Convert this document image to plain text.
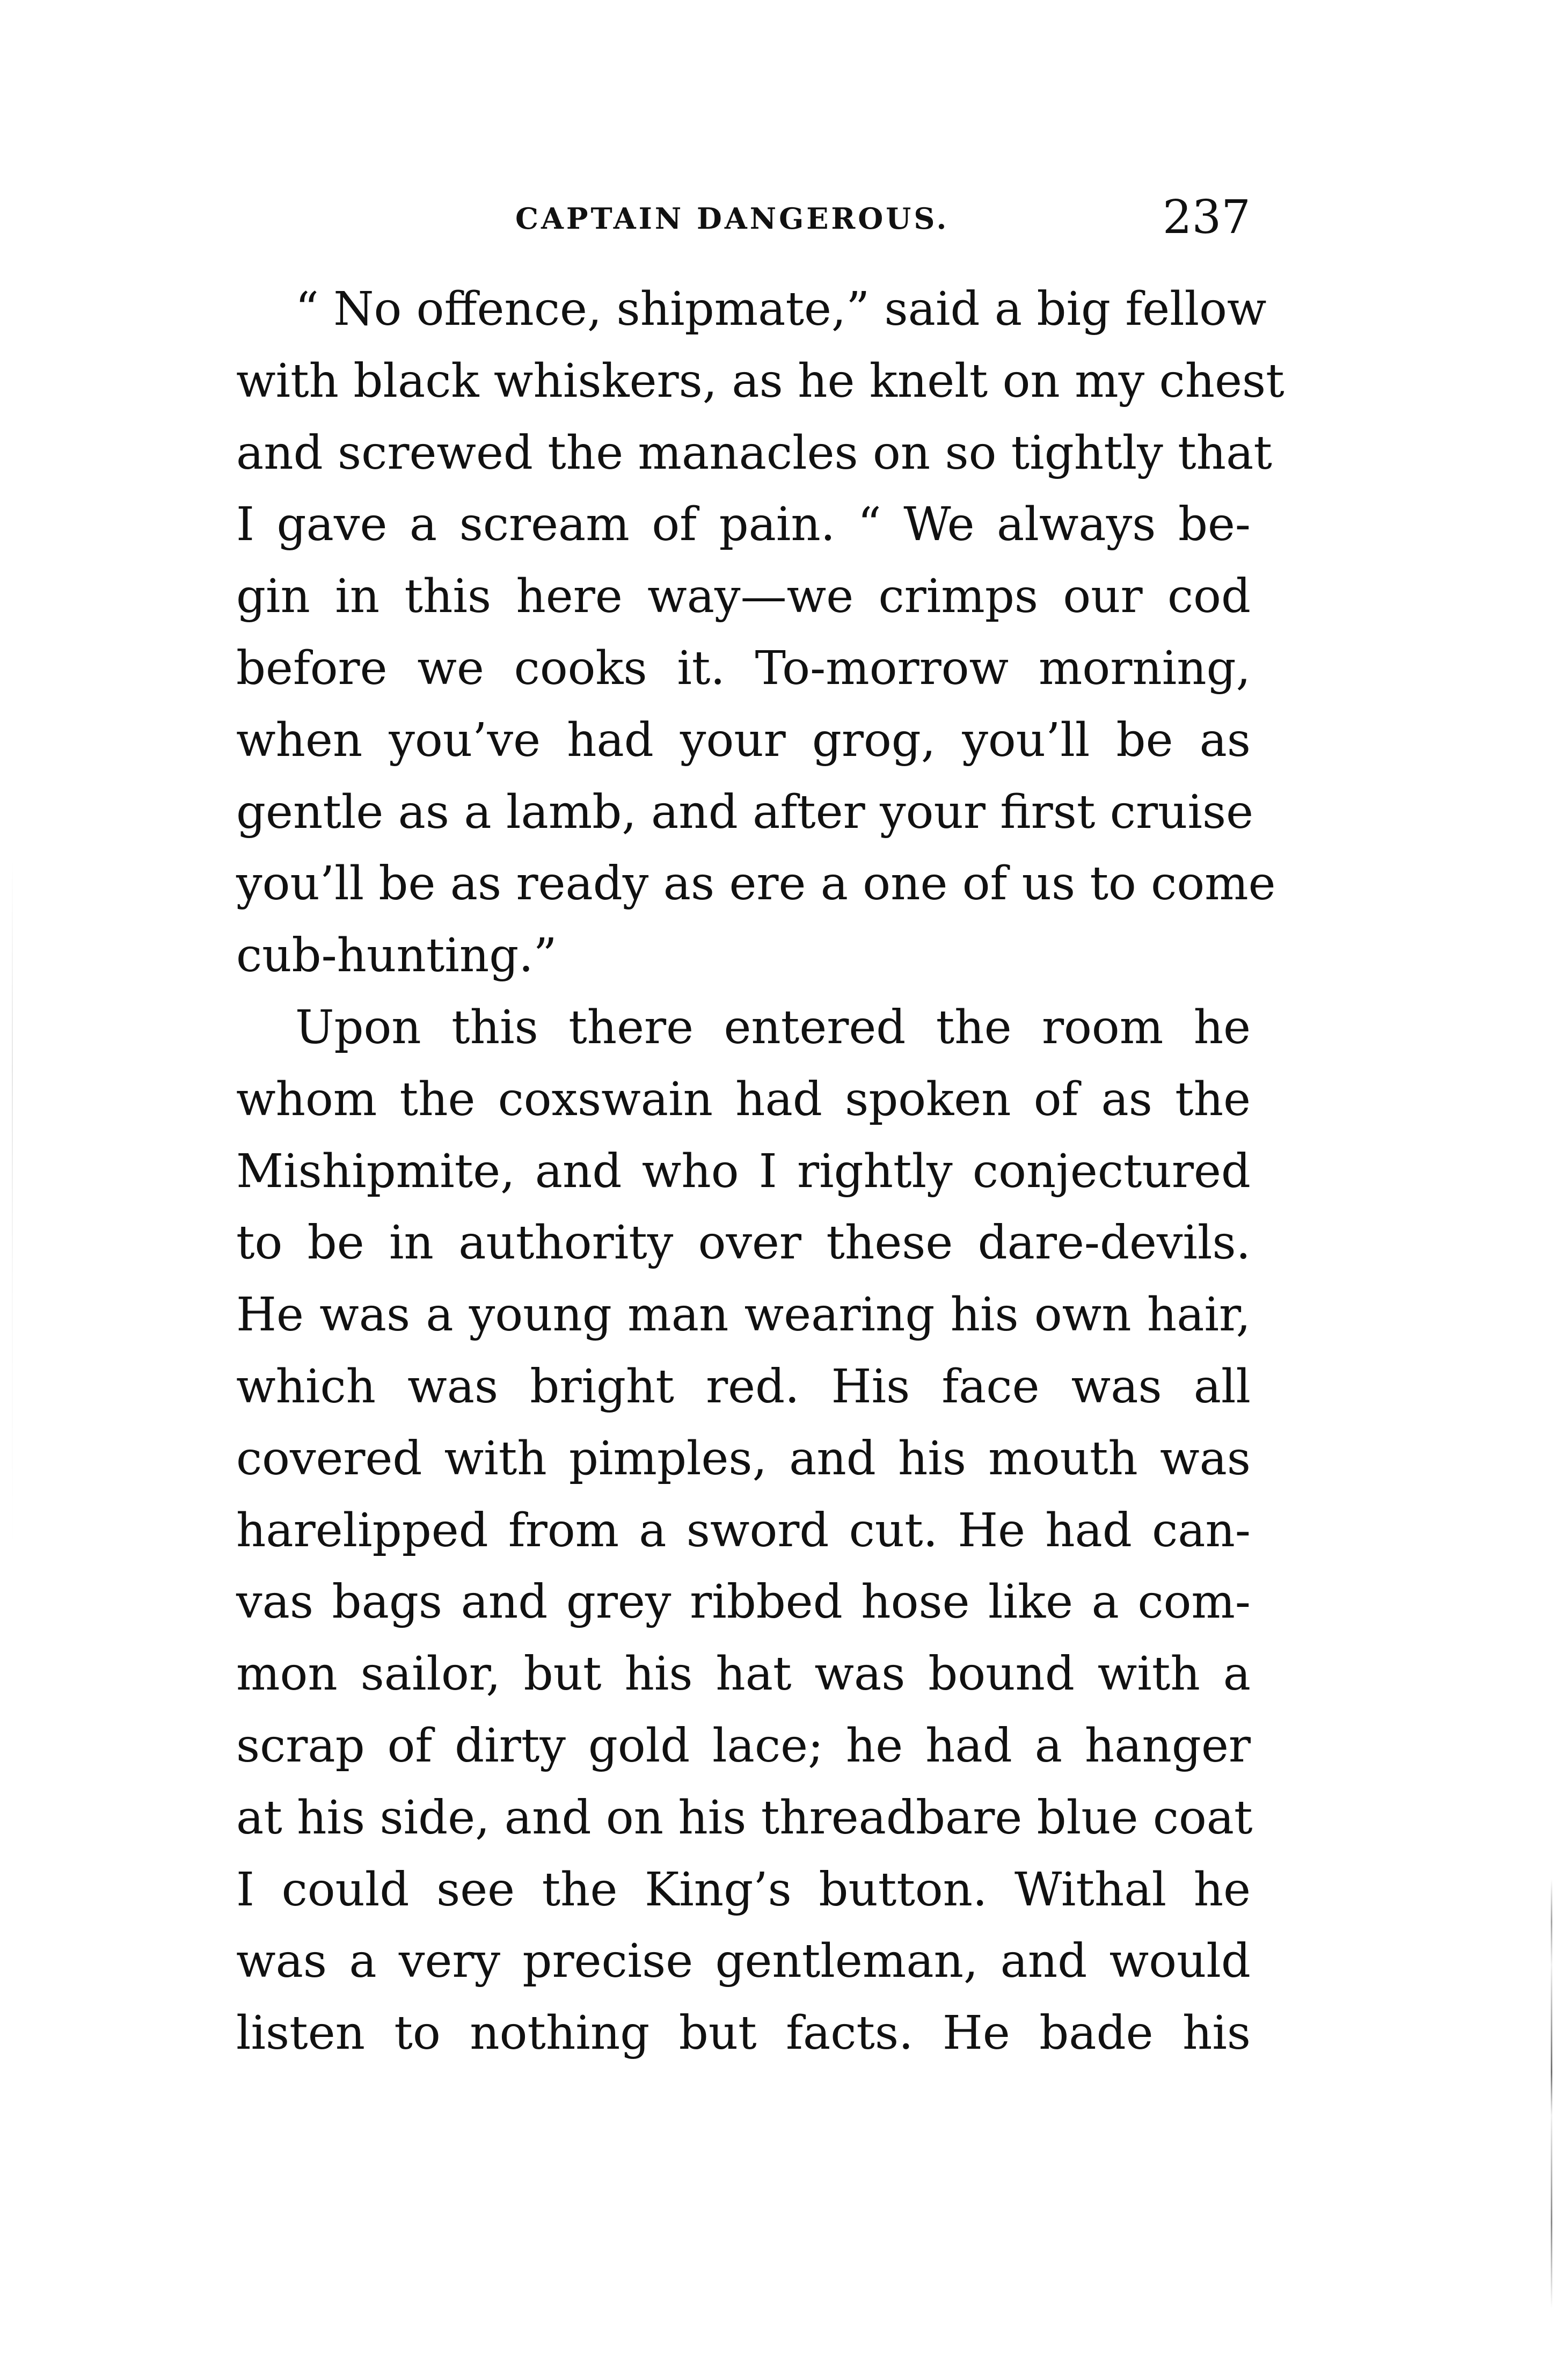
CAPTAIN DANGEROUS.	237
“ No offence, shipmate,” said a big fellow
with black whiskers, as he knelt on my chest
and screwed the manacles on so tightly that
I gave a scream of pain. “ We always be-
gin in this here way—we crimps our cod
before we cooks it. To-morrow morning,
when you’ve had your grog, you’ll be as
gentle as a lamb, and after your first cruise
you’ll be as ready as ere a one of us to come
cub-hunting.”
Upon this there entered the room he
whom the coxswain had spoken of as the
Mishipmite, and who I rightly conjectured
to be in authority over these dare-devils.
He was a young man wearing his own hair,
which was bright red. His face was all
covered with pimples, and his mouth was
harelipped from a sword cut. He had can-
vas bags and grey ribbed hose like a com-
mon sailor, but his hat was bound with a
scrap of dirty gold lace; he had a hanger
at his side, and on his threadbare blue coat
I could see the King’s button. Withal he
was a very precise gentleman, and would
listen to nothing but facts. He bade his
